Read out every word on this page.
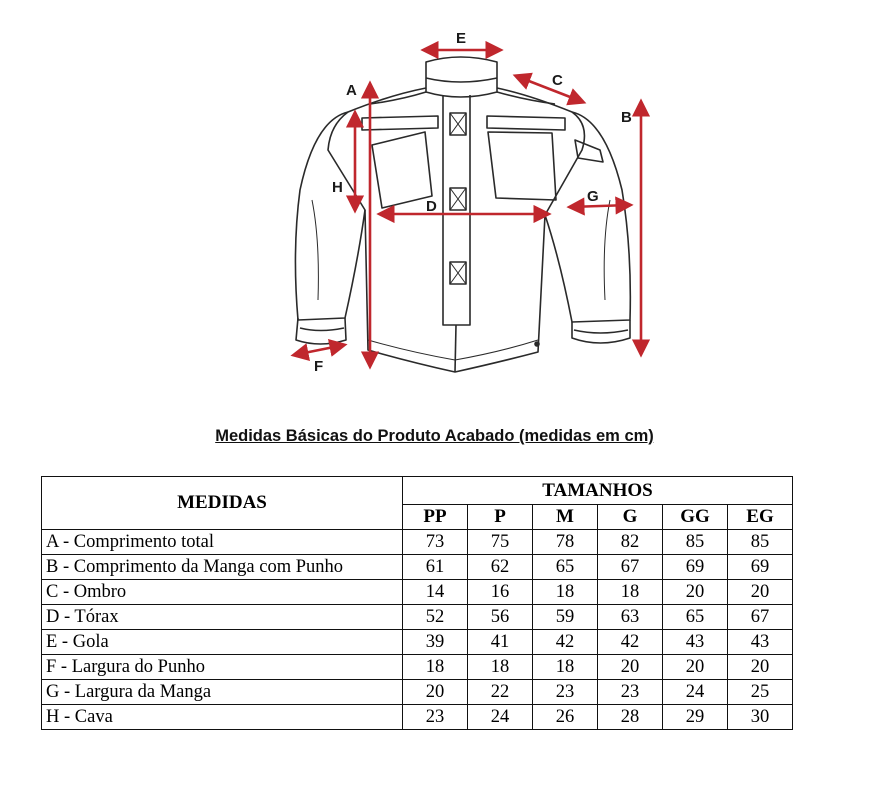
A
B
C
D
E
F
G
H
Medidas Básicas do Produto Acabado (medidas em cm)
MEDIDAS	TAMANHOS					
	PP	P	M	G	GG	EG
A - Comprimento total	73	75	78	82	85	85
B - Comprimento da Manga com Punho	61	62	65	67	69	69
C - Ombro	14	16	18	18	20	20
D - Tórax	52	56	59	63	65	67
E - Gola	39	41	42	42	43	43
F - Largura do Punho	18	18	18	20	20	20
G - Largura da Manga	20	22	23	23	24	25
H - Cava	23	24	26	28	29	30
